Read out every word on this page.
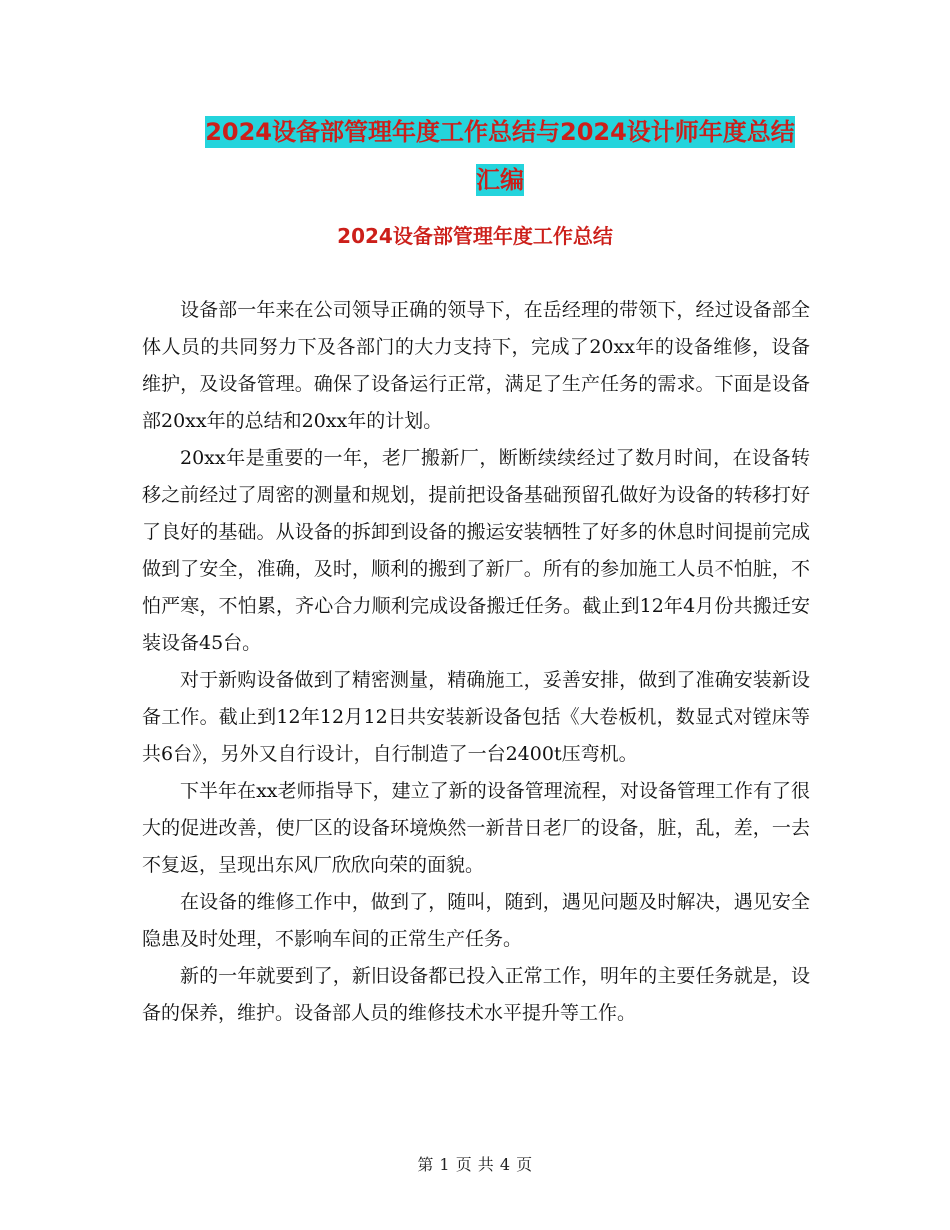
2024设备部管理年度工作总结与2024设计师年度总结
汇编
2024设备部管理年度工作总结

设备部一年来在公司领导正确的领导下，在岳经理的带领下，经过设备部全体人员的共同努力下及各部门的大力支持下，完成了20xx年的设备维修，设备维护，及设备管理。确保了设备运行正常，满足了生产任务的需求。下面是设备部20xx年的总结和20xx年的计划。

20xx年是重要的一年，老厂搬新厂，断断续续经过了数月时间，在设备转移之前经过了周密的测量和规划，提前把设备基础预留孔做好为设备的转移打好了良好的基础。从设备的拆卸到设备的搬运安装牺牲了好多的休息时间提前完成做到了安全，准确，及时，顺利的搬到了新厂。所有的参加施工人员不怕脏，不怕严寒，不怕累，齐心合力顺利完成设备搬迁任务。截止到12年4月份共搬迁安装设备45台。

对于新购设备做到了精密测量，精确施工，妥善安排，做到了准确安装新设备工作。截止到12年12月12日共安装新设备包括《大卷板机，数显式对镗床等共6台》，另外又自行设计，自行制造了一台2400t压弯机。

下半年在xx老师指导下，建立了新的设备管理流程，对设备管理工作有了很大的促进改善，使厂区的设备环境焕然一新昔日老厂的设备，脏，乱，差，一去不复返，呈现出东风厂欣欣向荣的面貌。

在设备的维修工作中，做到了，随叫，随到，遇见问题及时解决，遇见安全隐患及时处理，不影响车间的正常生产任务。

新的一年就要到了，新旧设备都已投入正常工作，明年的主要任务就是，设备的保养，维护。设备部人员的维修技术水平提升等工作。

第 1 页 共 4 页
